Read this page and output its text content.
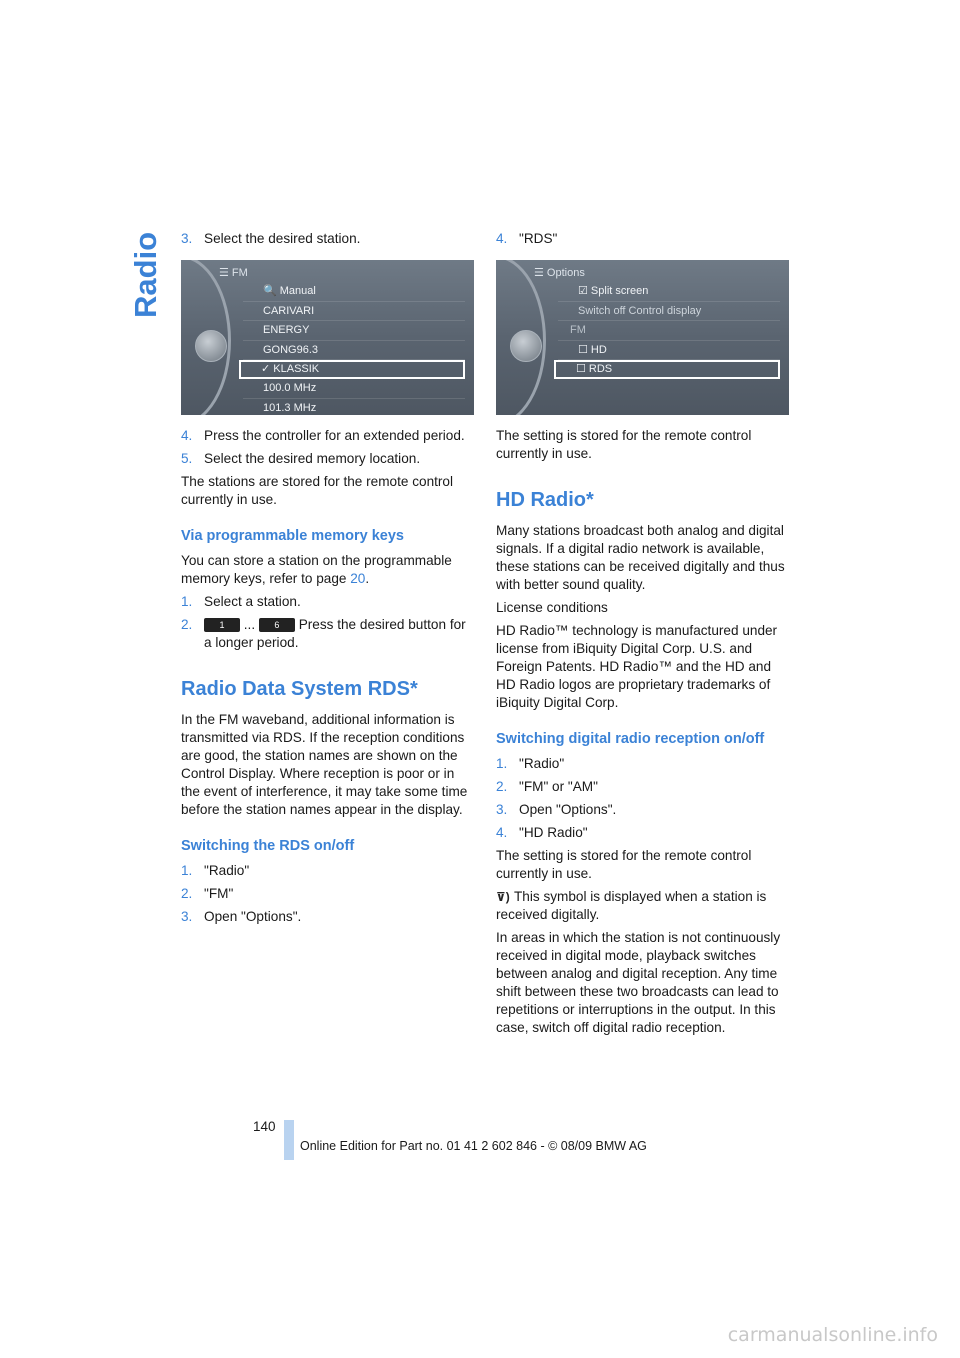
Radio 3. Select the desired station.
☰ FM
🔍 Manual
CARIVARI
ENERGY
GONG96.3
✓ KLASSIK
100.0 MHz
101.3 MHz
4. Press the controller for an extended period.
5. Select the desired memory location.

The stations are stored for the remote control currently in use.

Via programmable memory keys

You can store a station on the programmable memory keys, refer to page 20.

1. Select a station.
2.	1 ... 6 Press the desired button for a longer period.
Radio Data System RDS*

In the FM waveband, additional information is transmitted via RDS. If the reception conditions are good, the station names are shown on the Control Display. Where reception is poor or in the event of interference, it may take some time before the station names appear in the display.

Switching the RDS on/off
1. "Radio"
2. "FM"
3. Open "Options".
4. "RDS"
☰ Options
☑ Split screen
Switch off Control display
FM
☐ HD
☐ RDS

The setting is stored for the remote control currently in use.

HD Radio*

Many stations broadcast both analog and digital signals. If a digital radio network is available, these stations can be received digitally and thus with better sound quality.

License conditions

HD Radio™ technology is manufactured under license from iBiquity Digital Corp. U.S. and Foreign Patents. HD Radio™ and the HD and HD Radio logos are proprietary trademarks of iBiquity Digital Corp.

Switching digital radio reception on/off
1. "Radio"
2. "FM" or "AM"
3. Open "Options".
4. "HD Radio"

The setting is stored for the remote control currently in use.

⊽) This symbol is displayed when a station is received digitally.

In areas in which the station is not continuously received in digital mode, playback switches between analog and digital reception. Any time shift between these two broadcasts can lead to repetitions or interruptions in the output. In this case, switch off digital radio reception.

140
Online Edition for Part no. 01 41 2 602 846 - © 08/09 BMW AG
carmanualsonline.info
